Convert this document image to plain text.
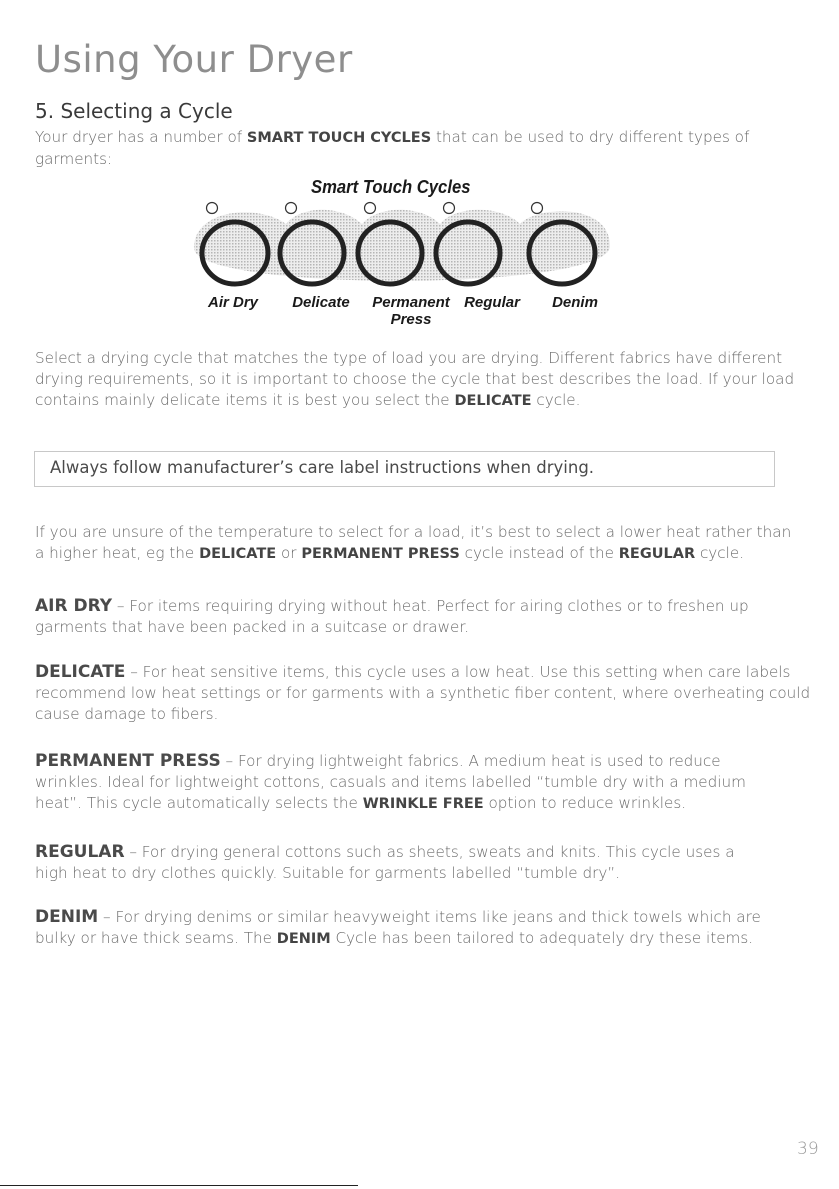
Using Your Dryer
5. Selecting a Cycle
Your dryer has a number of SMART TOUCH CYCLES that can be used to dry different types of garments:
Smart Touch Cycles
Air Dry	Delicate	Permanent
Press
Regular	Denim
Select a drying cycle that matches the type of load you are drying. Different fabrics have different drying requirements, so it is important to choose the cycle that best describes the load. If your load contains mainly delicate items it is best you select the DELICATE cycle.
Always follow manufacturer’s care label instructions when drying.
If you are unsure of the temperature to select for a load, it’s best to select a lower heat rather than a higher heat, eg the DELICATE or PERMANENT PRESS cycle instead of the REGULAR cycle.
AIR DRY – For items requiring drying without heat. Perfect for airing clothes or to freshen up garments that have been packed in a suitcase or drawer.
DELICATE – For heat sensitive items, this cycle uses a low heat. Use this setting when care labels recommend low heat settings or for garments with a synthetic fiber content, where overheating could cause damage to fibers.
PERMANENT PRESS – For drying lightweight fabrics. A medium heat is used to reduce wrinkles. Ideal for lightweight cottons, casuals and items labelled “tumble dry with a medium heat”. This cycle automatically selects the WRINKLE FREE option to reduce wrinkles.
REGULAR – For drying general cottons such as sheets, sweats and knits. This cycle uses a high heat to dry clothes quickly. Suitable for garments labelled “tumble dry”.
DENIM – For drying denims or similar heavyweight items like jeans and thick towels which are bulky or have thick seams. The DENIM Cycle has been tailored to adequately dry these items.
39
